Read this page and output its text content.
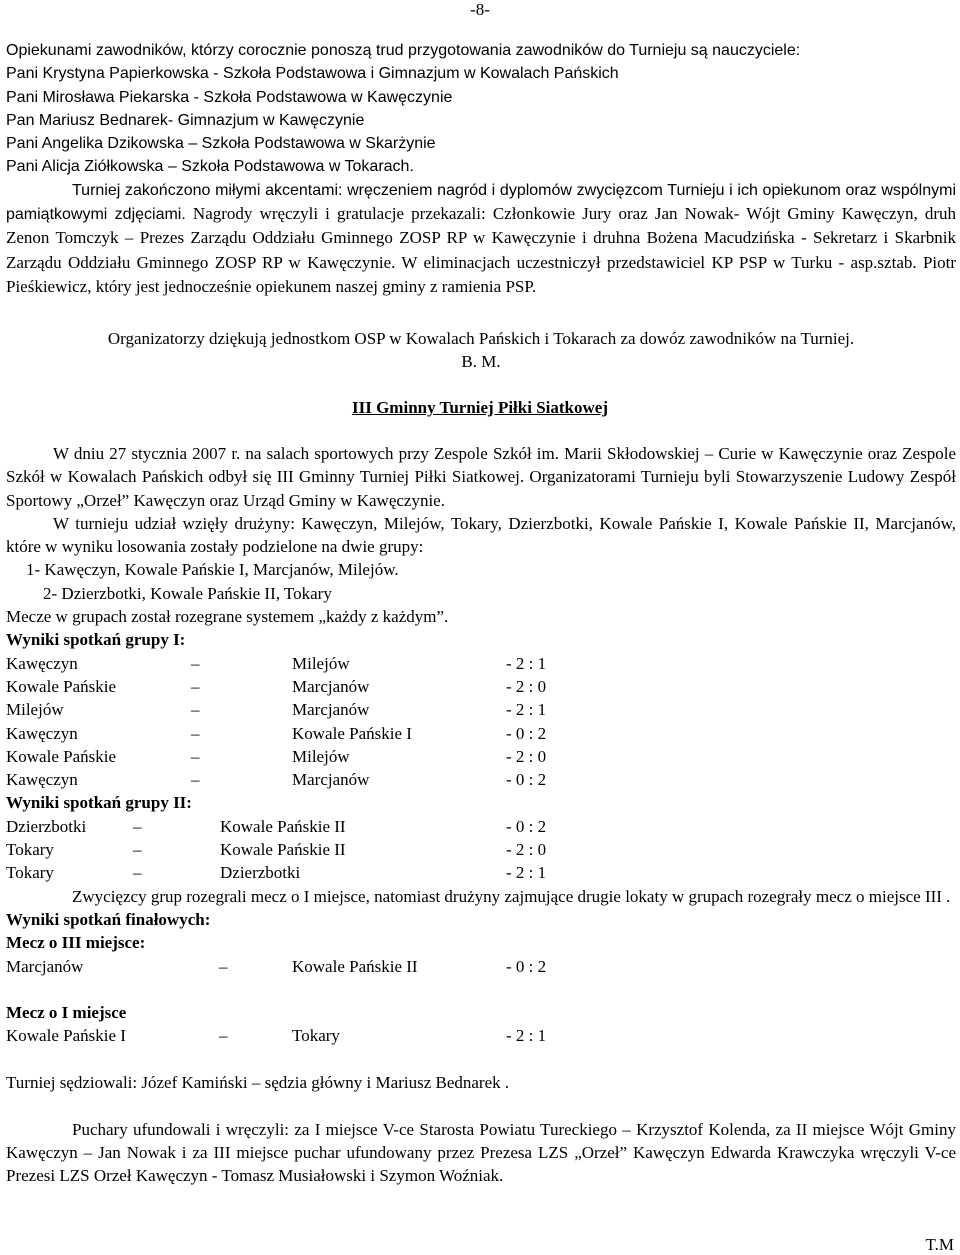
-8-
Opiekunami zawodników, którzy corocznie ponoszą trud przygotowania zawodników do Turnieju są nauczyciele:
Pani Krystyna Papierkowska - Szkoła Podstawowa i Gimnazjum w Kowalach Pańskich
Pani Mirosława Piekarska - Szkoła Podstawowa w Kawęczynie
Pan Mariusz Bednarek- Gimnazjum w Kawęczynie
Pani Angelika Dzikowska – Szkoła Podstawowa w Skarżynie
Pani Alicja Ziółkowska – Szkoła Podstawowa w Tokarach.
Turniej zakończono miłymi akcentami: wręczeniem nagród i dyplomów zwycięzcom Turnieju i ich opiekunom oraz wspólnymi pamiątkowymi zdjęciami. Nagrody wręczyli i gratulacje przekazali: Członkowie Jury oraz Jan Nowak- Wójt Gminy Kawęczyn, druh Zenon Tomczyk – Prezes Zarządu Oddziału Gminnego ZOSP RP w Kawęczynie i druhna Bożena Macudzińska - Sekretarz i Skarbnik Zarządu Oddziału Gminnego ZOSP RP w Kawęczynie. W eliminacjach uczestniczył przedstawiciel KP PSP w Turku - asp.sztab. Piotr Pieśkiewicz, który jest jednocześnie opiekunem naszej gminy z ramienia PSP.
Organizatorzy dziękują jednostkom OSP w Kowalach Pańskich i Tokarach za dowóz zawodników na Turniej.
B. M.
III Gminny Turniej Piłki Siatkowej
W dniu 27 stycznia 2007 r. na salach sportowych przy Zespole Szkół im. Marii Skłodowskiej – Curie w Kawęczynie oraz Zespole Szkół w Kowalach Pańskich odbył się III Gminny Turniej Piłki Siatkowej. Organizatorami Turnieju byli Stowarzyszenie Ludowy Zespół Sportowy „Orzeł” Kawęczyn oraz Urząd Gminy w Kawęczynie.
W turnieju udział wzięły drużyny: Kawęczyn, Milejów, Tokary, Dzierzbotki, Kowale Pańskie I, Kowale Pańskie II, Marcjanów, które w wyniku losowania zostały podzielone na dwie grupy:
1- Kawęczyn, Kowale Pańskie I, Marcjanów, Milejów.
2- Dzierzbotki, Kowale Pańskie II, Tokary
Mecze w grupach został rozegrane systemem „każdy z każdym”.
Wyniki spotkań grupy I:
Kawęczyn	–	Milejów	- 2 : 1
Kowale Pańskie	–	Marcjanów	- 2 : 0
Milejów	–	Marcjanów	- 2 : 1
Kawęczyn	–	Kowale Pańskie I	- 0 : 2
Kowale Pańskie	–	Milejów	- 2 : 0
Kawęczyn	–	Marcjanów	- 0 : 2
Wyniki spotkań grupy II:
Dzierzbotki	–	Kowale Pańskie II	- 0 : 2
Tokary	–	Kowale Pańskie II	- 2 : 0
Tokary	–	Dzierzbotki	- 2 : 1
Zwycięzcy grup rozegrali mecz o I miejsce, natomiast drużyny zajmujące drugie lokaty w grupach rozegrały mecz o miejsce III .
Wyniki spotkań finałowych:
Mecz o III miejsce:
Marcjanów	–	Kowale Pańskie II	- 0 : 2
Mecz o I miejsce
Kowale Pańskie I	–	Tokary	- 2 : 1
Turniej sędziowali: Józef Kamiński – sędzia główny i Mariusz Bednarek .
Puchary ufundowali i wręczyli: za I miejsce V-ce Starosta Powiatu Tureckiego – Krzysztof Kolenda, za II miejsce Wójt Gminy Kawęczyn – Jan Nowak i za III miejsce puchar ufundowany przez Prezesa LZS „Orzeł” Kawęczyn Edwarda Krawczyka wręczyli V-ce Prezesi LZS Orzeł Kawęczyn - Tomasz Musiałowski i Szymon Woźniak.
T.M
